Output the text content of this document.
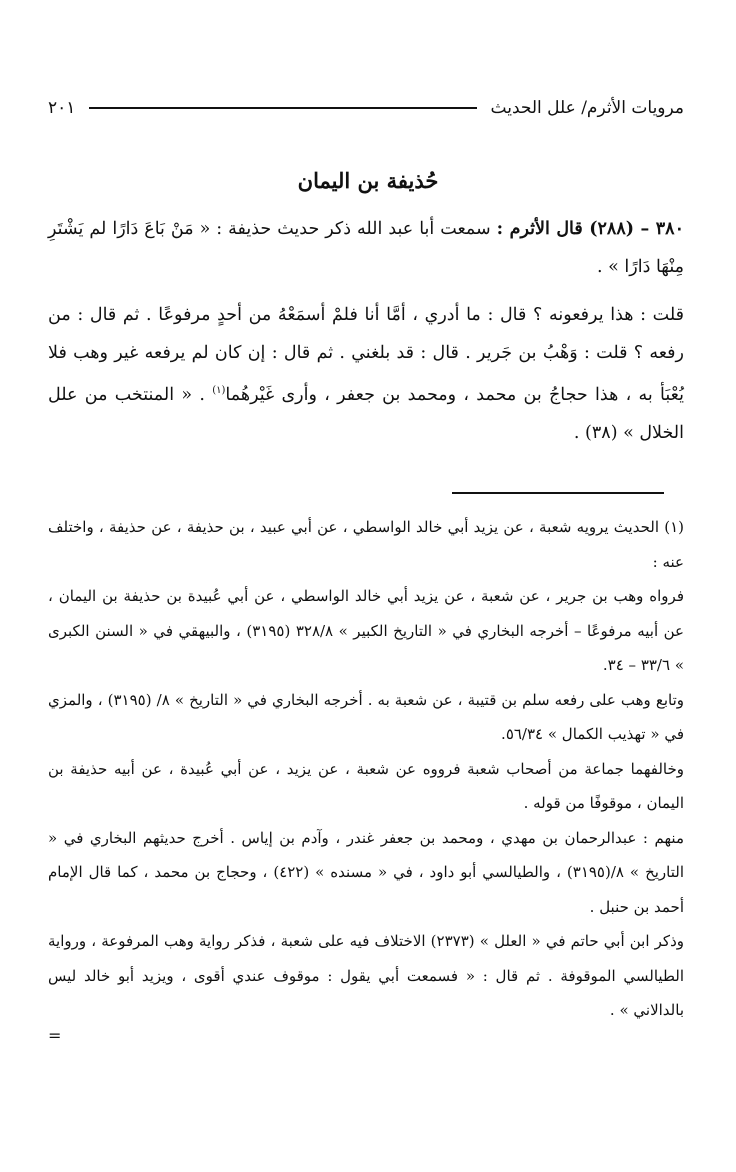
مرويات الأثرم/ علل الحديث
٢٠١
حُذيفة بن اليمان

٣٨٠ – (٢٨٨) قال الأثرم : سمعت أبا عبد الله ذكر حديث حذيفة : « مَنْ بَاعَ دَارًا لم يَشْتَرِ مِنْهَا دَارًا » .

قلت : هذا يرفعونه ؟ قال : ما أدري ، أمَّا أنا فلمْ أسمَعْهُ من أحدٍ مرفوعًا . ثم قال : من رفعه ؟ قلت : وَهْبُ بن جَرير . قال : قد بلغني . ثم قال : إن كان لم يرفعه غير وهب فلا يُعْبَأ به ، هذا حجاجُ بن محمد ، ومحمد بن جعفر ، وأرى غَيْرهُما$^{(١)}$ . « المنتخب من علل الخلال » (٣٨) .

(١) الحديث يرويه شعبة ، عن يزيد أبي خالد الواسطي ، عن أبي عبيد ، بن حذيفة ، عن حذيفة ، واختلف عنه :

فرواه وهب بن جرير ، عن شعبة ، عن يزيد أبي خالد الواسطي ، عن أبي عُبيدة بن حذيفة بن اليمان ، عن أبيه مرفوعًا – أخرجه البخاري في « التاريخ الكبير » ٣٢٨/٨ (٣١٩٥) ، والبيهقي في « السنن الكبرى » ٣٣/٦ – ٣٤.

وتابع وهب على رفعه سلم بن قتيبة ، عن شعبة به . أخرجه البخاري في « التاريخ » ٨/ (٣١٩٥) ، والمزي في « تهذيب الكمال » ٥٦/٣٤.

وخالفهما جماعة من أصحاب شعبة فرووه عن شعبة ، عن يزيد ، عن أبي عُبيدة ، عن أبيه حذيفة بن اليمان ، موقوفًا من قوله .

منهم : عبدالرحمان بن مهدي ، ومحمد بن جعفر غندر ، وآدم بن إياس . أخرج حديثهم البخاري في « التاريخ » ٨/(٣١٩٥) ، والطيالسي أبو داود ، في « مسنده » (٤٢٢) ، وحجاج بن محمد ، كما قال الإمام أحمد بن حنبل .

وذكر ابن أبي حاتم في « العلل » (٢٣٧٣) الاختلاف فيه على شعبة ، فذكر رواية وهب المرفوعة ، ورواية الطيالسي الموقوفة . ثم قال : « فسمعت أبي يقول : موقوف عندي أقوى ، ويزيد أبو خالد ليس بالدالاني » .

=
